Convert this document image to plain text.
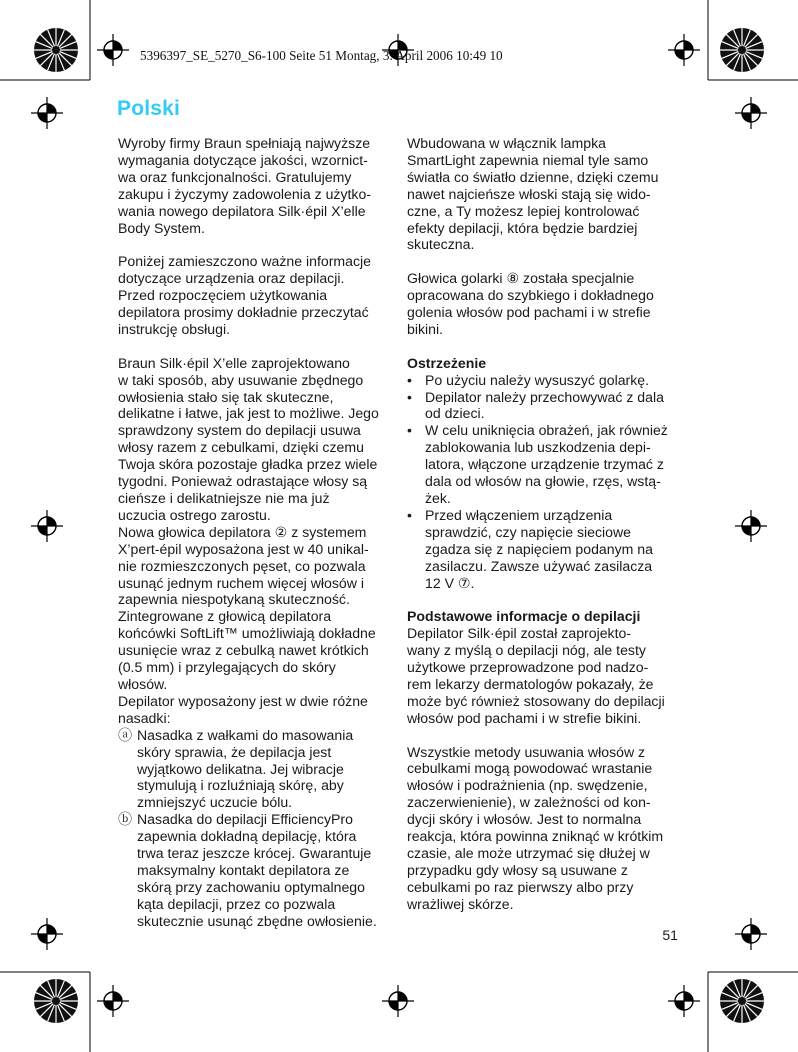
5396397_SE_5270_S6-100 Seite 51 Montag, 3. April 2006 10:49 10
Polski

Wyroby firmy Braun spełniają najwyższe
wymagania dotyczące jakości, wzornict-
wa oraz funkcjonalności. Gratulujemy
zakupu i życzymy zadowolenia z użytko-
wania nowego depilatora Silk·épil X’elle
Body System.

Poniżej zamieszczono ważne informacje
dotyczące urządzenia oraz depilacji.
Przed rozpoczęciem użytkowania
depilatora prosimy dokładnie przeczytać
instrukcję obsługi.

Braun Silk·épil X’elle zaprojektowano
w taki sposób, aby usuwanie zbędnego
owłosienia stało się tak skuteczne,
delikatne i łatwe, jak jest to możliwe. Jego
sprawdzony system do depilacji usuwa
włosy razem z cebulkami, dzięki czemu
Twoja skóra pozostaje gładka przez wiele
tygodni. Ponieważ odrastające włosy są
cieńsze i delikatniejsze nie ma już
uczucia ostrego zarostu.
Nowa głowica depilatora ② z systemem
X’pert-épil wyposażona jest w 40 unikal-
nie rozmieszczonych pęset, co pozwala
usunąć jednym ruchem więcej włosów i
zapewnia niespotykaną skuteczność.
Zintegrowane z głowicą depilatora
końcówki SoftLift™ umożliwiają dokładne
usunięcie wraz z cebulką nawet krótkich
(0.5 mm) i przylegających do skóry
włosów.
Depilator wyposażony jest w dwie różne
nasadki:

ⓐ Nasadka z wałkami do masowania
skóry sprawia, że depilacja jest
wyjątkowo delikatna. Jej wibracje
stymulują i rozluźniają skórę, aby
zmniejszyć uczucie bólu.
ⓑ Nasadka do depilacji EfficiencyPro
zapewnia dokładną depilację, która
trwa teraz jeszcze krócej. Gwarantuje
maksymalny kontakt depilatora ze
skórą przy zachowaniu optymalnego
kąta depilacji, przez co pozwala
skutecznie usunąć zbędne owłosienie.

Wbudowana w włącznik lampka
SmartLight zapewnia niemal tyle samo
światła co światło dzienne, dzięki czemu
nawet najcieńsze włoski stają się wido-
czne, a Ty możesz lepiej kontrolować
efekty depilacji, która będzie bardziej
skuteczna.

Głowica golarki ⑧ została specjalnie
opracowana do szybkiego i dokładnego
golenia włosów pod pachami i w strefie
bikini.

Ostrzeżenie

• Po użyciu należy wysuszyć golarkę.
• Depilator należy przechowywać z dala
od dzieci.
• W celu uniknięcia obrażeń, jak również
zablokowania lub uszkodzenia depi-
latora, włączone urządzenie trzymać z
dala od włosów na głowie, rzęs, wstą-
żek.
• Przed włączeniem urządzenia
sprawdzić, czy napięcie sieciowe
zgadza się z napięciem podanym na
zasilaczu. Zawsze używać zasilacza
12 V ⑦.

Podstawowe informacje o depilacji

Depilator Silk·épil został zaprojekto-
wany z myślą o depilacji nóg, ale testy
użytkowe przeprowadzone pod nadzo-
rem lekarzy dermatologów pokazały, że
może być również stosowany do depilacji
włosów pod pachami i w strefie bikini.

Wszystkie metody usuwania włosów z
cebulkami mogą powodować wrastanie
włosów i podrażnienia (np. swędzenie,
zaczerwienienie), w zależności od kon-
dycji skóry i włosów. Jest to normalna
reakcja, która powinna zniknąć w krótkim
czasie, ale może utrzymać się dłużej w
przypadku gdy włosy są usuwane z
cebulkami po raz pierwszy albo przy
wrażliwej skórze.

51
